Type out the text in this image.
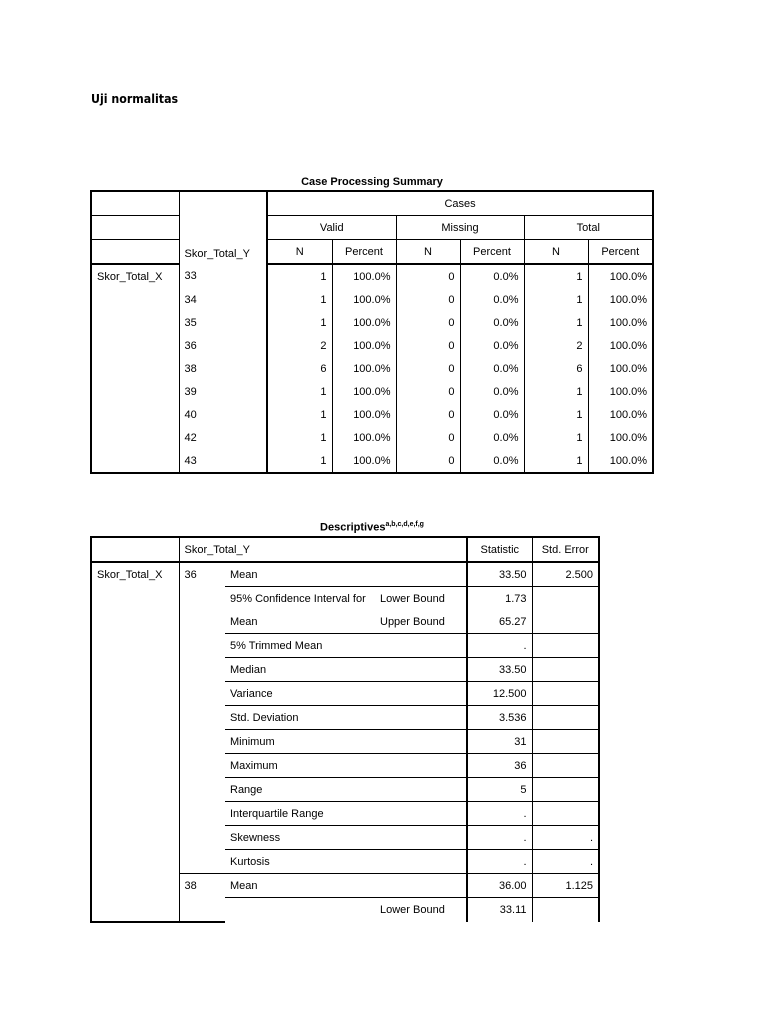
Uji normalitas
Case Processing Summary
	Skor_Total_Y	Cases					
		Valid		Missing		Total	
		N	Percent	N	Percent	N	Percent
Skor_Total_X	33	1	100.0%	0	0.0%	1	100.0%
	34	1	100.0%	0	0.0%	1	100.0%
	35	1	100.0%	0	0.0%	1	100.0%
	36	2	100.0%	0	0.0%	2	100.0%
	38	6	100.0%	0	0.0%	6	100.0%
	39	1	100.0%	0	0.0%	1	100.0%
	40	1	100.0%	0	0.0%	1	100.0%
	42	1	100.0%	0	0.0%	1	100.0%
	43	1	100.0%	0	0.0%	1	100.0%
Descriptives$^{a,b,c,d,e,f,g}$
	Skor_Total_Y			Statistic	Std. Error
Skor_Total_X	36	Mean		33.50	2.500
		95% Confidence Interval for	Lower Bound	1.73	
		Mean	Upper Bound	65.27	
		5% Trimmed Mean		.	
		Median		33.50	
		Variance		12.500	
		Std. Deviation		3.536	
		Minimum		31	
		Maximum		36	
		Range		5	
		Interquartile Range		.	
		Skewness		.	.
		Kurtosis		.	.
	38	Mean		36.00	1.125
			Lower Bound	33.11	
